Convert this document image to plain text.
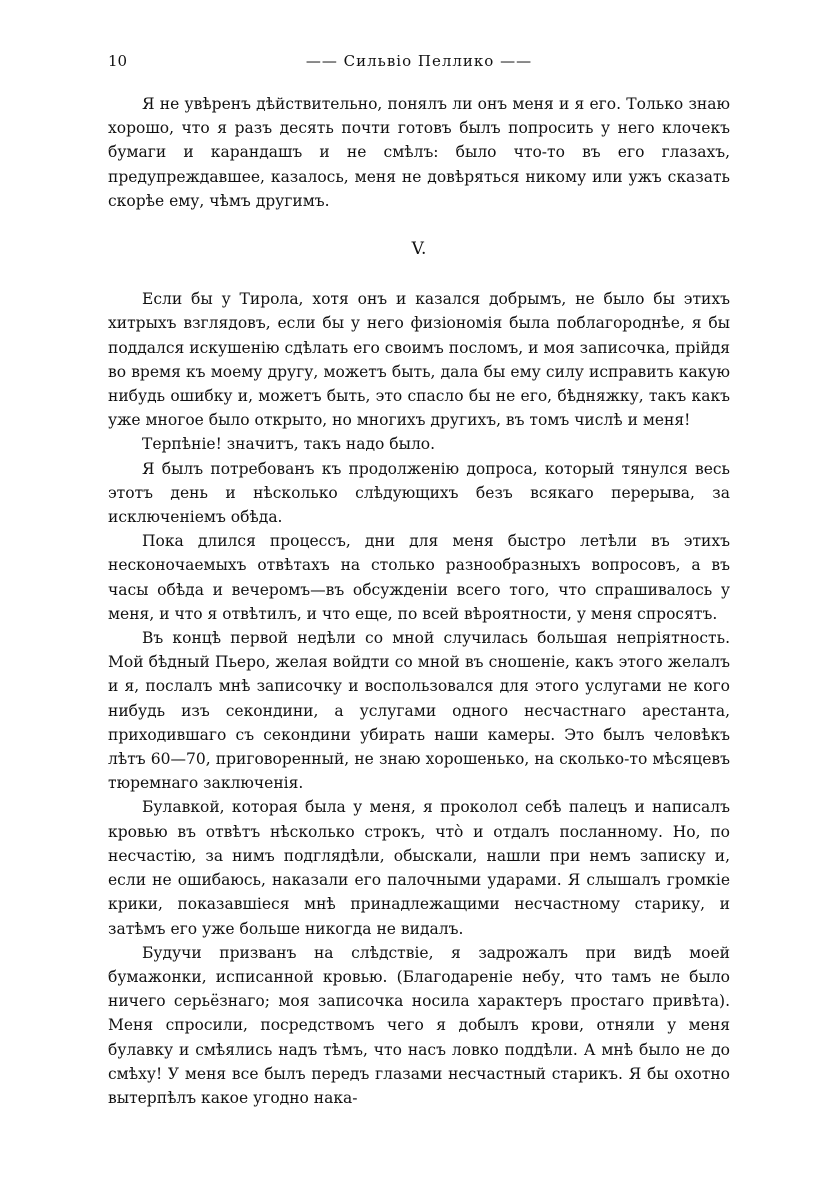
10	—— Сильвіо Пеллико ——

Я не увѣренъ дѣйствительно, понялъ ли онъ меня и я его. Только знаю хорошо, что я разъ десять почти готовъ былъ попросить у него клочекъ бумаги и карандашъ и не смѣлъ: было что-то въ его глазахъ, предупреждавшее, казалось, меня не довѣряться никому или ужъ сказать скорѣе ему, чѣмъ другимъ.

V.

Если бы у Тирола, хотя онъ и казался добрымъ, не было бы этихъ хитрыхъ взглядовъ, если бы у него физіономія была поблагороднѣе, я бы поддался искушенію сдѣлать его своимъ посломъ, и моя записочка, прійдя во время къ моему другу, можетъ быть, дала бы ему силу исправить какую нибудь ошибку и, можетъ быть, это спасло бы не его, бѣдняжку, такъ какъ уже многое было открыто, но многихъ другихъ, въ томъ числѣ и меня!

Терпѣніе! значитъ, такъ надо было.

Я былъ потребованъ къ продолженію допроса, который тянулся весь этотъ день и нѣсколько слѣдующихъ безъ всякаго перерыва, за исключеніемъ обѣда.

Пока длился процессъ, дни для меня быстро летѣли въ этихъ несконочаемыхъ отвѣтахъ на столько разнообразныхъ вопросовъ, а въ часы обѣда и вечеромъ—въ обсужденіи всего того, что спрашивалось у меня, и что я отвѣтилъ, и что еще, по всей вѣроятности, у меня спросятъ.

Въ концѣ первой недѣли со мной случилась большая непріятность. Мой бѣдный Пьеро, желая войдти со мной въ сношеніе, какъ этого желалъ и я, послалъ мнѣ записочку и воспользовался для этого услугами не кого нибудь изъ секондини, а услугами одного несчастнаго арестанта, приходившаго съ секондини убирать наши камеры. Это былъ человѣкъ лѣтъ 60—70, приговоренный, не знаю хорошенько, на сколько-то мѣсяцевъ тюремнаго заключенія.

Булавкой, которая была у меня, я проколол себѣ палецъ и написалъ кровью въ отвѣтъ нѣсколько строкъ, что̀ и отдалъ посланному. Но, по несчастію, за нимъ подглядѣли, обыскали, нашли при немъ записку и, если не ошибаюсь, наказали его палочными ударами. Я слышалъ громкіе крики, показавшіеся мнѣ принадлежащими несчастному старику, и затѣмъ его уже больше никогда не видалъ.

Будучи призванъ на слѣдствіе, я задрожалъ при видѣ моей бумажонки, исписанной кровью. (Благодареніе небу, что тамъ не было ничего серьёзнаго; моя записочка носила характеръ простаго привѣта). Меня спросили, посредствомъ чего я добылъ крови, отняли у меня булавку и смѣялись надъ тѣмъ, что насъ ловко поддѣли. А мнѣ было не до смѣху! У меня все былъ передъ глазами несчастный старикъ. Я бы охотно вытерпѣлъ какое угодно нака-
